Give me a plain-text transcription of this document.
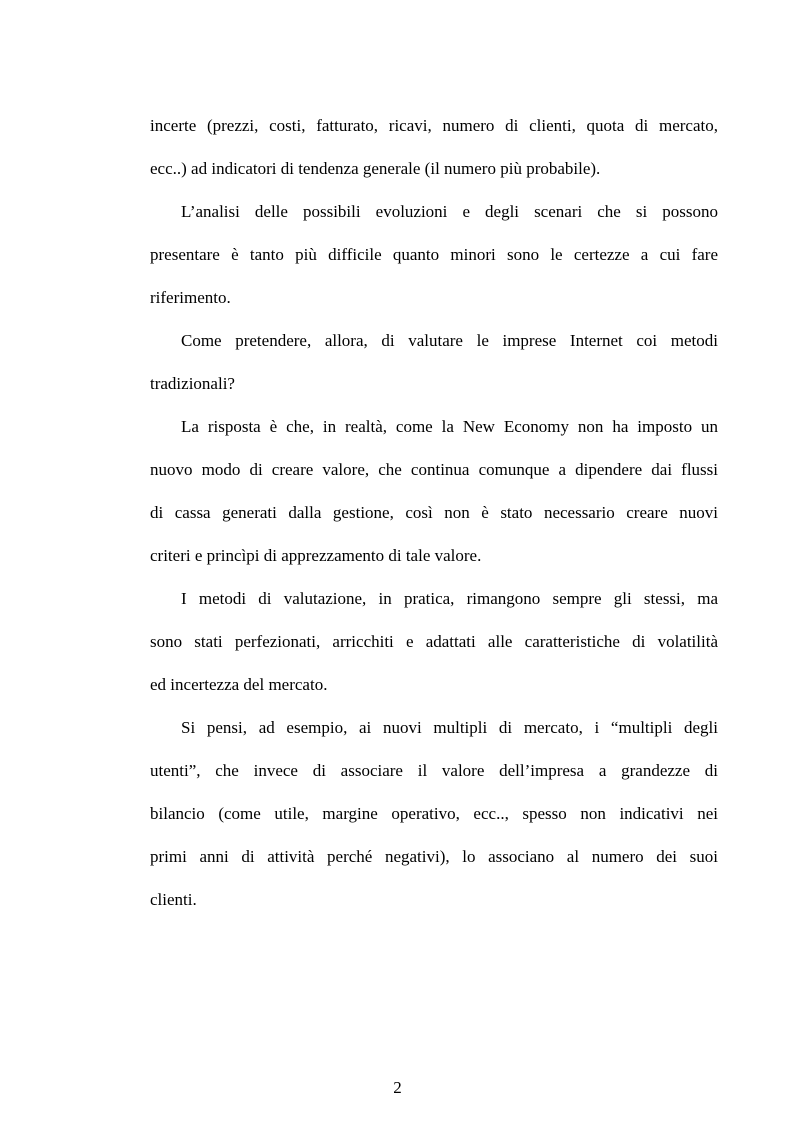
incerte (prezzi, costi, fatturato, ricavi, numero di clienti, quota di mercato,
ecc..) ad indicatori di tendenza generale (il numero più probabile).
L’analisi delle possibili evoluzioni e degli scenari che si possono
presentare è tanto più difficile quanto minori sono le certezze a cui fare
riferimento.
Come pretendere, allora, di valutare le imprese Internet coi metodi
tradizionali?
La risposta è che, in realtà, come la New Economy non ha imposto un
nuovo modo di creare valore, che continua comunque a dipendere dai flussi
di cassa generati dalla gestione, così non è stato necessario creare nuovi
criteri e princìpi di apprezzamento di tale valore.
I metodi di valutazione, in pratica, rimangono sempre gli stessi, ma
sono stati perfezionati, arricchiti e adattati alle caratteristiche di volatilità
ed incertezza del mercato.
Si pensi, ad esempio, ai nuovi multipli di mercato, i “multipli degli
utenti”, che invece di associare il valore dell’impresa a grandezze di
bilancio (come utile, margine operativo, ecc.., spesso non indicativi nei
primi anni di attività perché negativi), lo associano al numero dei suoi
clienti.
2
